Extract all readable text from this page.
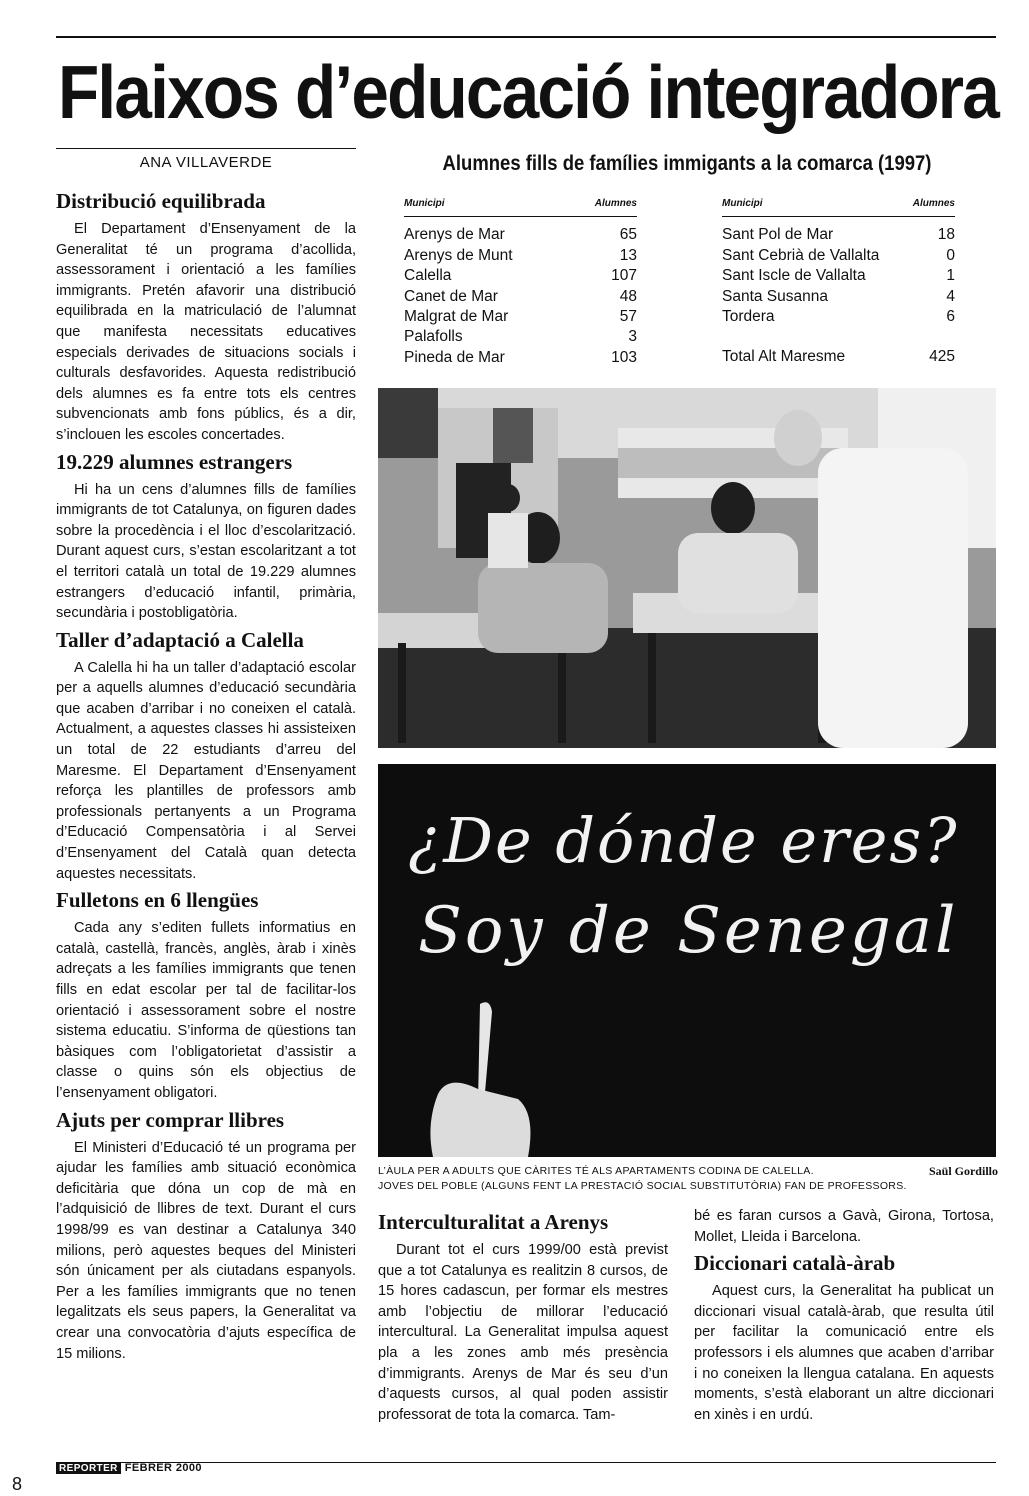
Flaixos d’educació integradora
ANA VILLAVERDE
Distribució equilibrada

El Departament d’Ensenyament de la Generalitat té un programa d’acollida, assessorament i orientació a les famílies immigrants. Pretén afavorir una distribució equilibrada en la matriculació de l’alumnat que manifesta necessitats educatives especials derivades de situacions socials i culturals desfavorides. Aquesta redistribució dels alumnes es fa entre tots els centres subvencionats amb fons públics, és a dir, s’inclouen les escoles concertades.

19.229 alumnes estrangers

Hi ha un cens d’alumnes fills de famílies immigrants de tot Catalunya, on figuren dades sobre la procedència i el lloc d’escolarització. Durant aquest curs, s’estan escolaritzant a tot el territori català un total de 19.229 alumnes estrangers d’educació infantil, primària, secundària i postobligatòria.

Taller d’adaptació a Calella

A Calella hi ha un taller d’adaptació escolar per a aquells alumnes d’educació secundària que acaben d’arribar i no coneixen el català. Actualment, a aquestes classes hi assisteixen un total de 22 estudiants d’arreu del Maresme. El Departament d’Ensenyament reforça les plantilles de professors amb professionals pertanyents a un Programa d’Educació Compensatòria i al Servei d’Ensenyament del Català quan detecta aquestes necessitats.

Fulletons en 6 llengües

Cada any s’editen fullets informatius en català, castellà, francès, anglès, àrab i xinès adreçats a les famílies immigrants que tenen fills en edat escolar per tal de facilitar-los orientació i assessorament sobre el nostre sistema educatiu. S’informa de qüestions tan bàsiques com l’obligatorietat d’assistir a classe o quins són els objectius de l’ensenyament obligatori.

Ajuts per comprar llibres

El Ministeri d’Educació té un programa per ajudar les famílies amb situació econòmica deficitària que dóna un cop de mà en l’adquisició de llibres de text. Durant el curs 1998/99 es van destinar a Catalunya 340 milions, però aquestes beques del Ministeri són únicament per als ciutadans espanyols. Per a les famílies immigrants que no tenen legalitzats els seus papers, la Generalitat va crear una convocatòria d’ajuts específica de 15 milions.

Alumnes fills de famílies immigants a la comarca (1997)
Municipi	Alumnes
Arenys de Mar	65
Arenys de Munt	13
Calella	107
Canet de Mar	48
Malgrat de Mar	57
Palafolls	3
Pineda de Mar	103
Municipi	Alumnes
Sant Pol de Mar	18
Sant Cebrià de Vallalta	0
Sant Iscle de Vallalta	1
Santa Susanna	4
Tordera	6
Total Alt Maresme	425
¿De dónde eres?
Soy de Senegal
L’ÀULA PER A ADULTS QUE CÀRITES TÉ ALS APARTAMENTS CODINA DE CALELLA.
JOVES DEL POBLE (ALGUNS FENT LA PRESTACIÓ SOCIAL SUBSTITUTÒRIA) FAN DE PROFESSORS.
Saül Gordillo
Interculturalitat a Arenys

Durant tot el curs 1999/00 està previst que a tot Catalunya es realitzin 8 cursos, de 15 hores cadascun, per formar els mestres amb l’objectiu de millorar l’educació intercultural. La Generalitat impulsa aquest pla a les zones amb més presència d’immigrants. Arenys de Mar és seu d’un d’aquests cursos, al qual poden assistir professorat de tota la comarca. Tam-

bé es faran cursos a Gavà, Girona, Tortosa, Mollet, Lleida i Barcelona.

Diccionari català-àrab

Aquest curs, la Generalitat ha publicat un diccionari visual català-àrab, que resulta útil per facilitar la comunicació entre els professors i els alumnes que acaben d’arribar i no coneixen la llengua catalana. En aquests moments, s’està elaborant un altre diccionari en xinès i en urdú.

REPORTER FEBRER 2000
8
